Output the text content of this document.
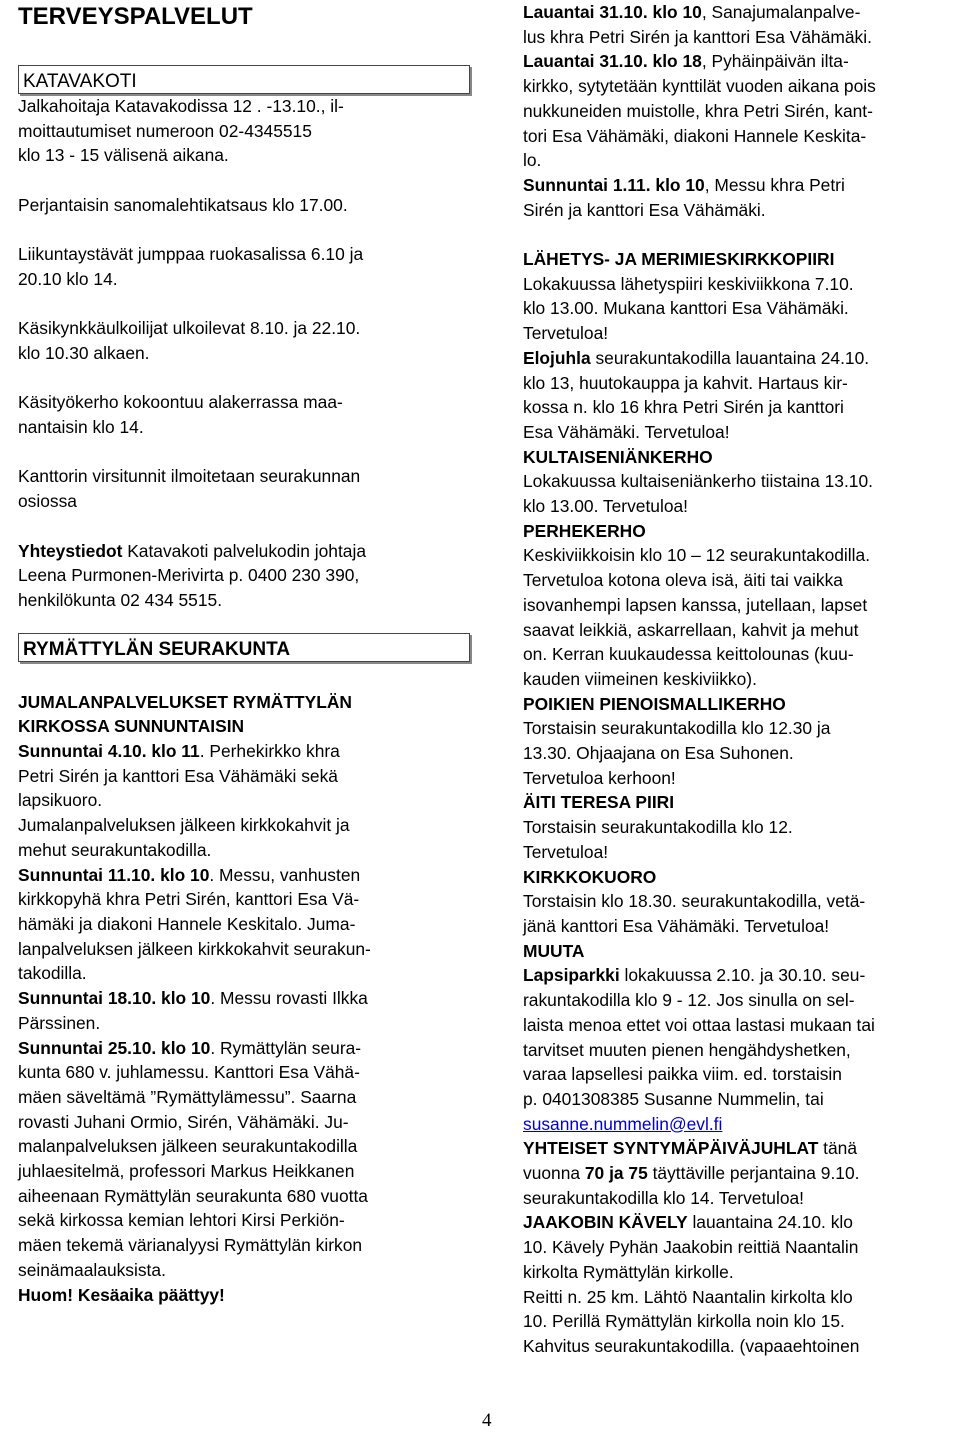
TERVEYSPALVELUT
KATAVAKOTI

Jalkahoitaja Katavakodissa 12 . -13.10., il-

moittautumiset numeroon 02-4345515

klo 13 - 15 välisenä aikana.

Perjantaisin sanomalehtikatsaus klo 17.00.

Liikuntaystävät jumppaa ruokasalissa 6.10 ja

20.10 klo 14.

Käsikynkkäulkoilijat ulkoilevat 8.10. ja 22.10.

klo 10.30 alkaen.

Käsityökerho kokoontuu alakerrassa maa-

nantaisin klo 14.

Kanttorin virsitunnit ilmoitetaan seurakunnan

osiossa

Yhteystiedot Katavakoti palvelukodin johtaja

Leena Purmonen-Merivirta p. 0400 230 390,

henkilökunta 02 434 5515.

RYMÄTTYLÄN SEURAKUNTA

JUMALANPALVELUKSET RYMÄTTYLÄN

KIRKOSSA SUNNUNTAISIN

Sunnuntai 4.10. klo 11. Perhekirkko khra

Petri Sirén ja kanttori Esa Vähämäki sekä

lapsikuoro.

Jumalanpalveluksen jälkeen kirkkokahvit ja

mehut seurakuntakodilla.

Sunnuntai 11.10. klo 10. Messu, vanhusten

kirkkopyhä khra Petri Sirén, kanttori Esa Vä-

hämäki ja diakoni Hannele Keskitalo. Juma-

lanpalveluksen jälkeen kirkkokahvit seurakun-

takodilla.

Sunnuntai 18.10. klo 10. Messu rovasti Ilkka

Pärssinen.

Sunnuntai 25.10. klo 10. Rymättylän seura-

kunta 680 v. juhlamessu. Kanttori Esa Vähä-

mäen säveltämä ”Rymättylämessu”. Saarna

rovasti Juhani Ormio, Sirén, Vähämäki. Ju-

malanpalveluksen jälkeen seurakuntakodilla

juhlaesitelmä, professori Markus Heikkanen

aiheenaan Rymättylän seurakunta 680 vuotta

sekä kirkossa kemian lehtori Kirsi Perkiön-

mäen tekemä värianalyysi Rymättylän kirkon

seinämaalauksista.

Huom! Kesäaika päättyy!

Lauantai 31.10. klo 10, Sanajumalanpalve-

lus khra Petri Sirén ja kanttori Esa Vähämäki.

Lauantai 31.10. klo 18, Pyhäinpäivän ilta-

kirkko, sytytetään kynttilät vuoden aikana pois

nukkuneiden muistolle, khra Petri Sirén, kant-

tori Esa Vähämäki, diakoni Hannele Keskita-

lo.

Sunnuntai 1.11. klo 10, Messu khra Petri

Sirén ja kanttori Esa Vähämäki.

LÄHETYS- JA MERIMIESKIRKKOPIIRI

Lokakuussa lähetyspiiri keskiviikkona 7.10.

klo 13.00. Mukana kanttori Esa Vähämäki.

Tervetuloa!

Elojuhla seurakuntakodilla lauantaina 24.10.

klo 13, huutokauppa ja kahvit. Hartaus kir-

kossa n. klo 16 khra Petri Sirén ja kanttori

Esa Vähämäki. Tervetuloa!

KULTAISENIÄNKERHO

Lokakuussa kultaiseniänkerho tiistaina 13.10.

klo 13.00. Tervetuloa!

PERHEKERHO

Keskiviikkoisin klo 10 – 12 seurakuntakodilla.

Tervetuloa kotona oleva isä, äiti tai vaikka

isovanhempi lapsen kanssa, jutellaan, lapset

saavat leikkiä, askarrellaan, kahvit ja mehut

on. Kerran kuukaudessa keittolounas (kuu-

kauden viimeinen keskiviikko).

POIKIEN PIENOISMALLIKERHO

Torstaisin seurakuntakodilla klo 12.30 ja

13.30. Ohjaajana on Esa Suhonen.

Tervetuloa kerhoon!

ÄITI TERESA PIIRI

Torstaisin seurakuntakodilla klo 12.

Tervetuloa!

KIRKKOKUORO

Torstaisin klo 18.30. seurakuntakodilla, vetä-

jänä kanttori Esa Vähämäki. Tervetuloa!

MUUTA

Lapsiparkki lokakuussa 2.10. ja 30.10. seu-

rakuntakodilla klo 9 - 12. Jos sinulla on sel-

laista menoa ettet voi ottaa lastasi mukaan tai

tarvitset muuten pienen hengähdyshetken,

varaa lapsellesi paikka viim. ed. torstaisin

p. 0401308385 Susanne Nummelin, tai

susanne.nummelin@evl.fi

YHTEISET SYNTYMÄPÄIVÄJUHLAT tänä

vuonna 70 ja 75 täyttäville perjantaina 9.10.

seurakuntakodilla klo 14. Tervetuloa!

JAAKOBIN KÄVELY lauantaina 24.10. klo

10. Kävely Pyhän Jaakobin reittiä Naantalin

kirkolta Rymättylän kirkolle.

Reitti n. 25 km. Lähtö Naantalin kirkolta klo

10. Perillä Rymättylän kirkolla noin klo 15.

Kahvitus seurakuntakodilla. (vapaaehtoinen

4
